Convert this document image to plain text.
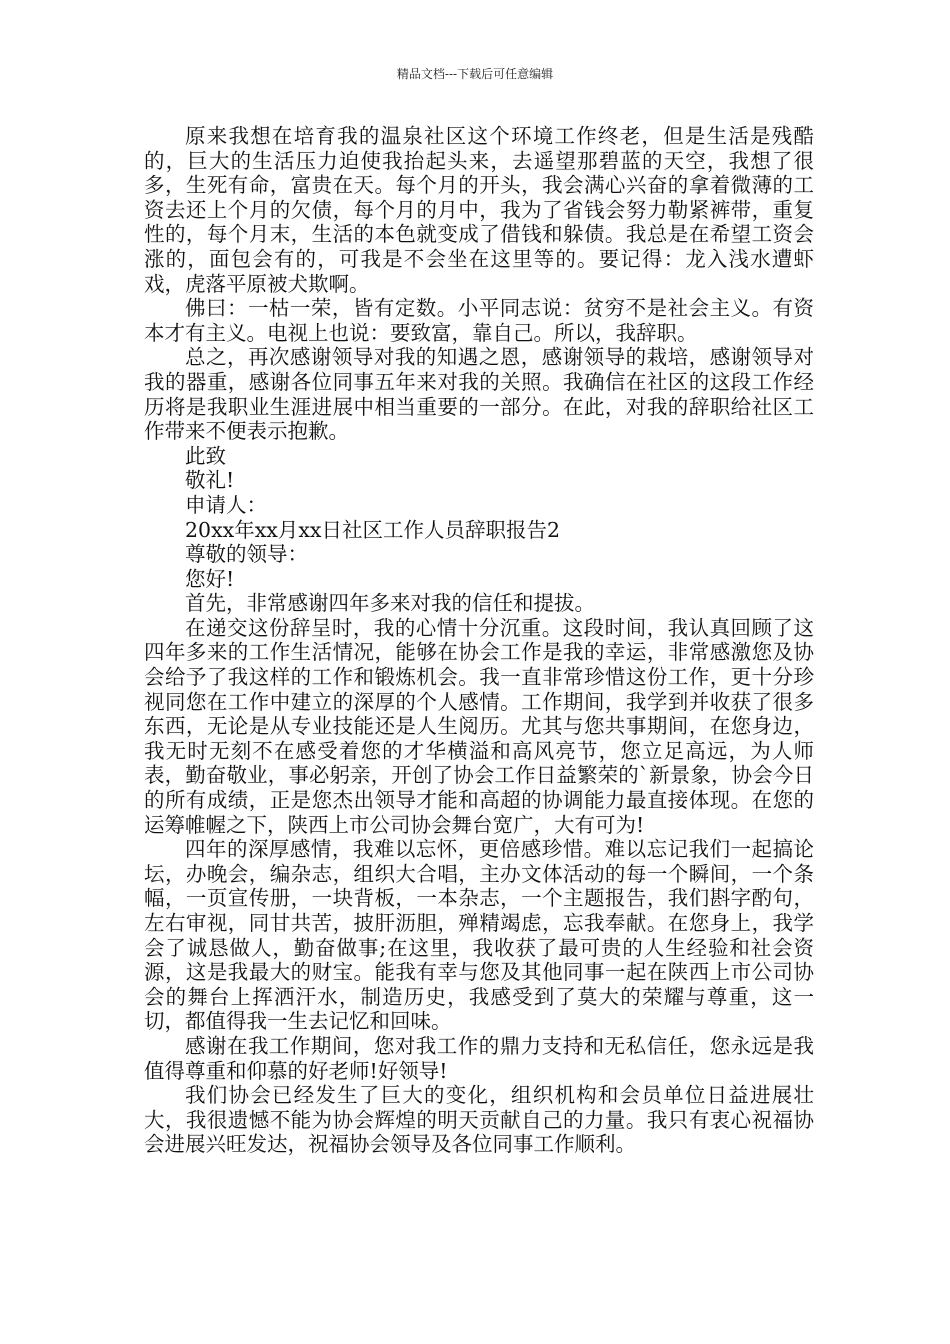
精品文档---下载后可任意编辑

原来我想在培育我的温泉社区这个环境工作终老，但是生活是残酷的，巨大的生活压力迫使我抬起头来，去遥望那碧蓝的天空，我想了很多，生死有命，富贵在天。每个月的开头，我会满心兴奋的拿着微薄的工资去还上个月的欠债，每个月的月中，我为了省钱会努力勒紧裤带，重复性的，每个月末，生活的本色就变成了借钱和躲债。我总是在希望工资会涨的，面包会有的，可我是不会坐在这里等的。要记得：龙入浅水遭虾戏，虎落平原被犬欺啊。

佛曰：一枯一荣，皆有定数。小平同志说：贫穷不是社会主义。有资本才有主义。电视上也说：要致富，靠自己。所以，我辞职。

总之，再次感谢领导对我的知遇之恩，感谢领导的栽培，感谢领导对我的器重，感谢各位同事五年来对我的关照。我确信在社区的这段工作经历将是我职业生涯进展中相当重要的一部分。在此，对我的辞职给社区工作带来不便表示抱歉。

此致

敬礼!

申请人：

20xx年xx月xx日社区工作人员辞职报告2

尊敬的领导：

您好!

首先，非常感谢四年多来对我的信任和提拔。

在递交这份辞呈时，我的心情十分沉重。这段时间，我认真回顾了这四年多来的工作生活情况，能够在协会工作是我的幸运，非常感激您及协会给予了我这样的工作和锻炼机会。我一直非常珍惜这份工作，更十分珍视同您在工作中建立的深厚的个人感情。工作期间，我学到并收获了很多东西，无论是从专业技能还是人生阅历。尤其与您共事期间，在您身边，我无时无刻不在感受着您的才华横溢和高风亮节，您立足高远，为人师表，勤奋敬业，事必躬亲，开创了协会工作日益繁荣的`新景象，协会今日的所有成绩，正是您杰出领导才能和高超的协调能力最直接体现。在您的运筹帷幄之下，陕西上市公司协会舞台宽广，大有可为!

四年的深厚感情，我难以忘怀，更倍感珍惜。难以忘记我们一起搞论坛，办晚会，编杂志，组织大合唱，主办文体活动的每一个瞬间，一个条幅，一页宣传册，一块背板，一本杂志，一个主题报告，我们斟字酌句，左右审视，同甘共苦，披肝沥胆，殚精竭虑，忘我奉献。在您身上，我学会了诚恳做人，勤奋做事;在这里，我收获了最可贵的人生经验和社会资源，这是我最大的财宝。能我有幸与您及其他同事一起在陕西上市公司协会的舞台上挥洒汗水，制造历史，我感受到了莫大的荣耀与尊重，这一切，都值得我一生去记忆和回味。

感谢在我工作期间，您对我工作的鼎力支持和无私信任，您永远是我值得尊重和仰慕的好老师!好领导!

我们协会已经发生了巨大的变化，组织机构和会员单位日益进展壮大，我很遗憾不能为协会辉煌的明天贡献自己的力量。我只有衷心祝福协会进展兴旺发达，祝福协会领导及各位同事工作顺利。
